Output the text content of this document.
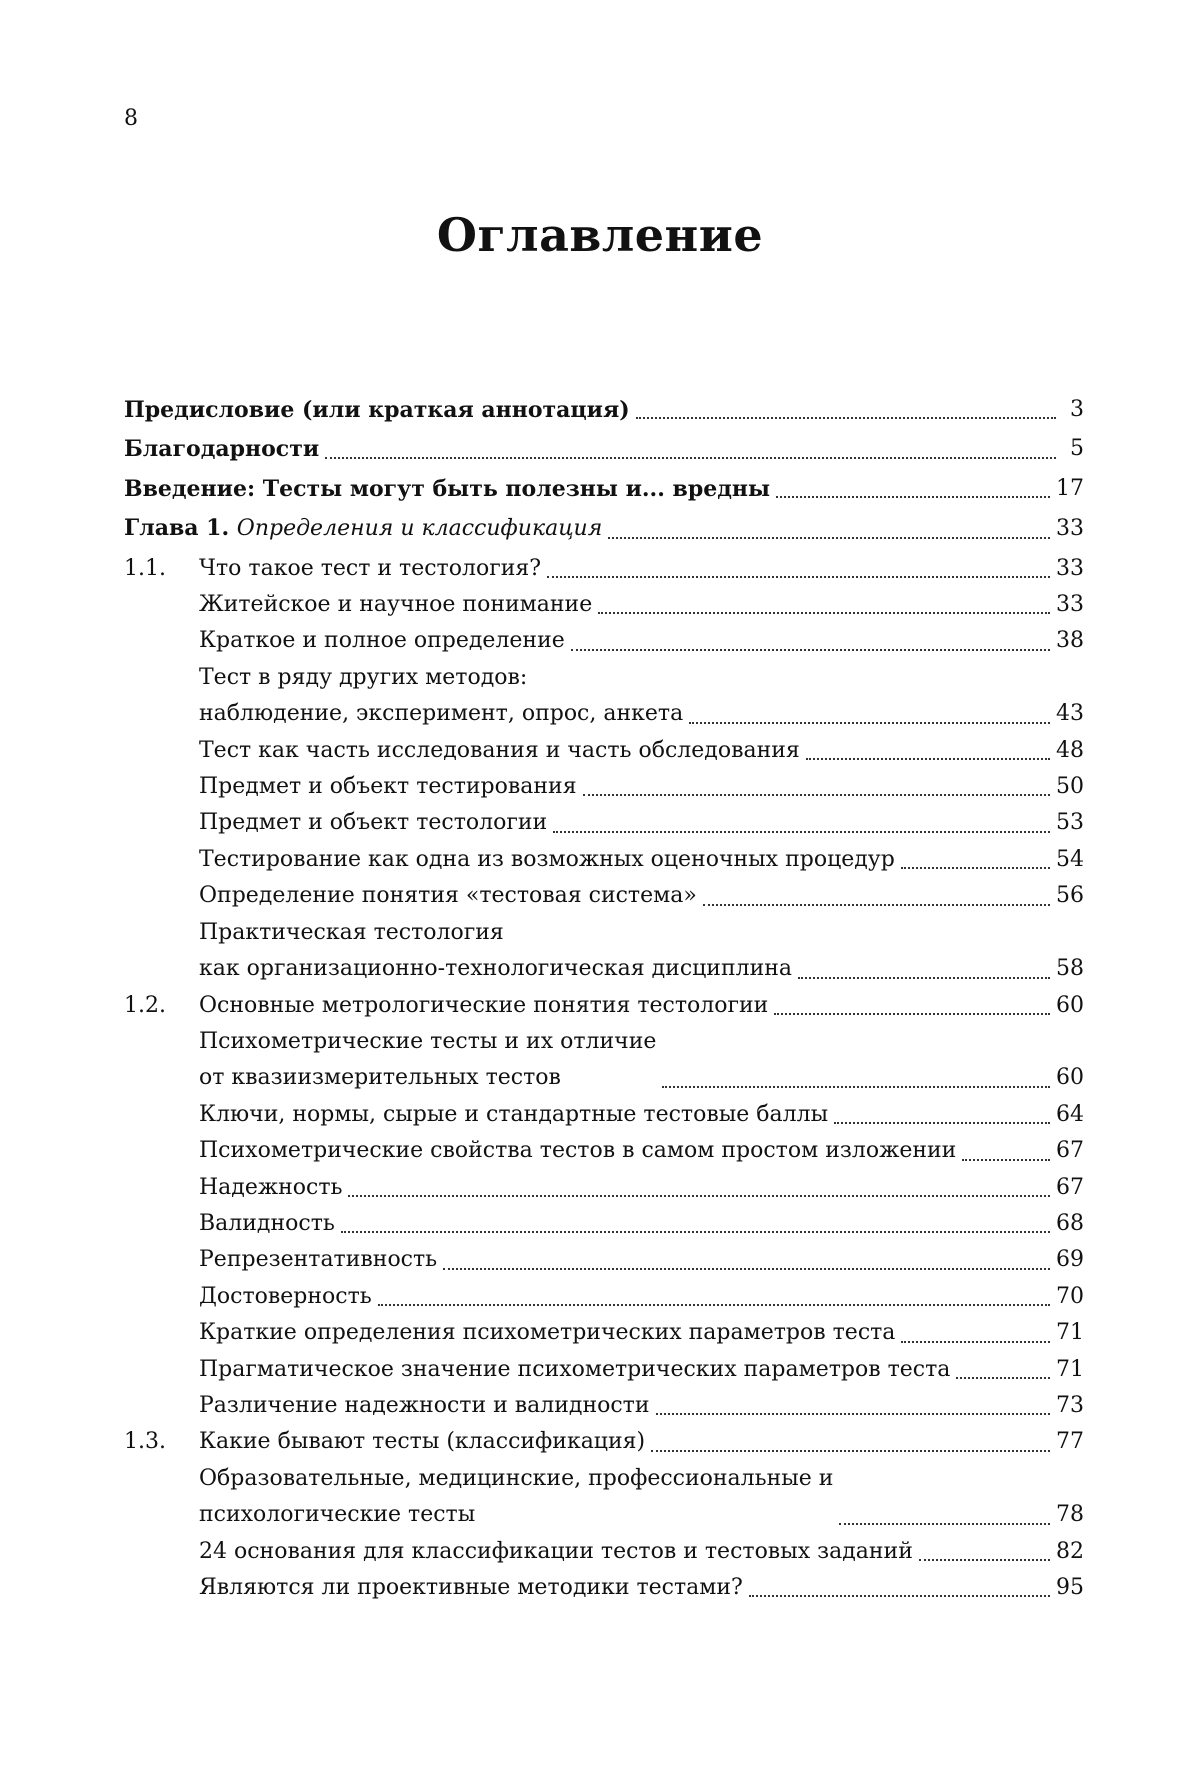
8
Оглавление
Предисловие (или краткая аннотация)	3
Благодарности	5
Введение: Тесты могут быть полезны и... вредны	17
Глава 1. Определения и классификация	33
1.1.	Что такое тест и тестология?	33
Житейское и научное понимание	33
Краткое и полное определение	38
Тест в ряду других методов:
наблюдение, эксперимент, опрос, анкета	43
Тест как часть исследования и часть обследования	48
Предмет и объект тестирования	50
Предмет и объект тестологии	53
Тестирование как одна из возможных оценочных процедур	54
Определение понятия «тестовая система»	56
Практическая тестология
как организационно-технологическая дисциплина	58
1.2.	Основные метрологические понятия тестологии	60
Психометрические тесты и их отличие
от квазиизмерительных тестов	60
Ключи, нормы, сырые и стандартные тестовые баллы	64
Психометрические свойства тестов в самом простом изложении	67
Надежность	67
Валидность	68
Репрезентативность	69
Достоверность	70
Краткие определения психометрических параметров теста	71
Прагматическое значение психометрических параметров теста	71
Различение надежности и валидности	73
1.3.	Какие бывают тесты (классификация)	77
Образовательные, медицинские, профессиональные и
психологические тесты	78
24 основания для классификации тестов и тестовых заданий	82
Являются ли проективные методики тестами?	95
